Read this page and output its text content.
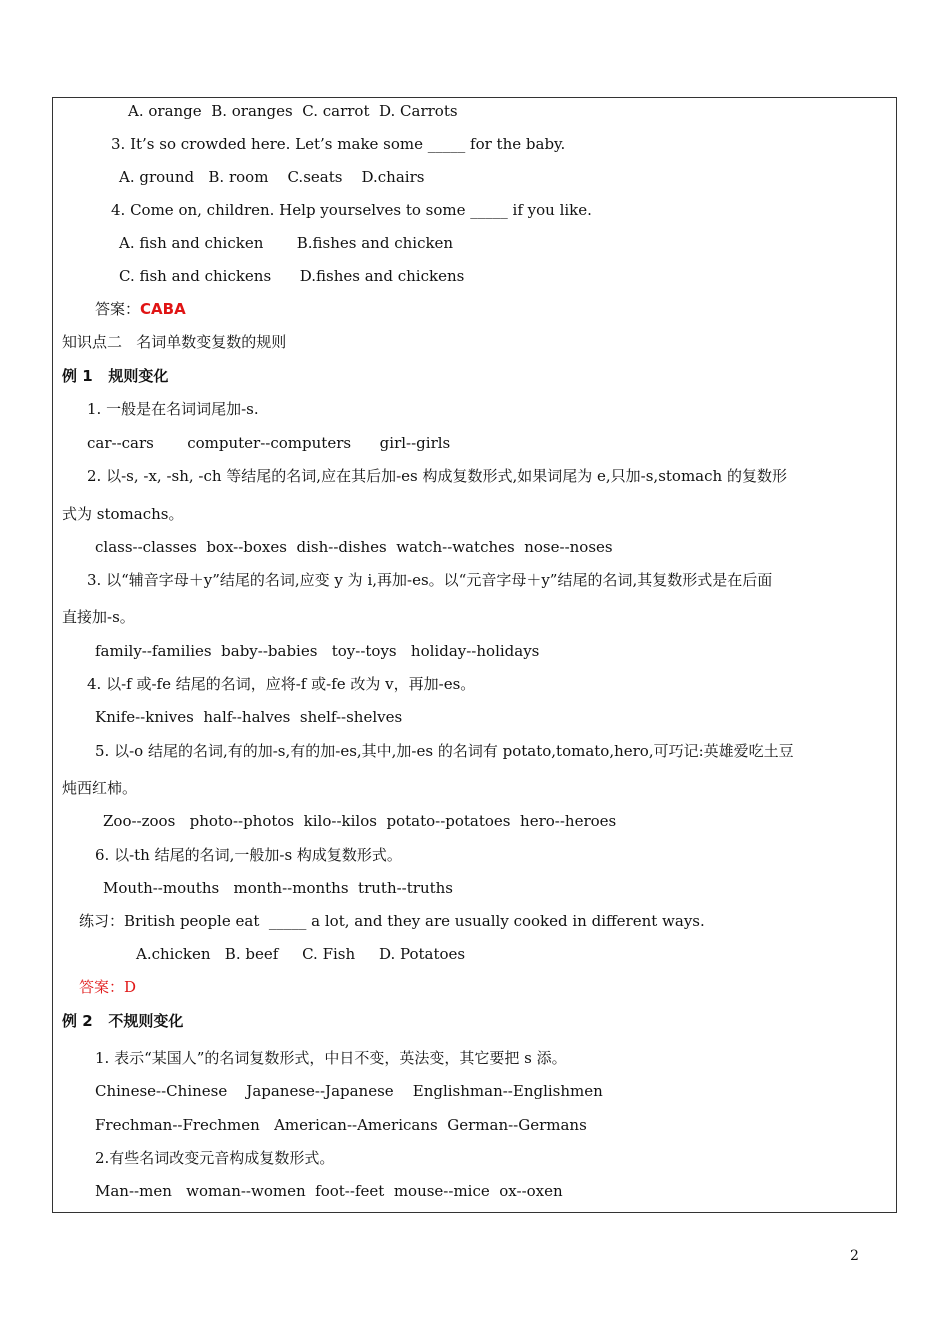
A. orange  B. oranges  C. carrot  D. Carrots
3. It’s so crowded here. Let’s make some _____ for the baby.
A. ground   B. room    C.seats    D.chairs
4. Come on, children. Help yourselves to some _____ if you like.
A. fish and chicken       B.fishes and chicken
C. fish and chickens      D.fishes and chickens
答案：CABA
知识点二   名词单数变复数的规则
例 1   规则变化
1. 一般是在名词词尾加-s.
car--cars       computer--computers      girl--girls
2. 以-s, -x, -sh, -ch 等结尾的名词,应在其后加-es 构成复数形式,如果词尾为 e,只加-s,stomach 的复数形
式为 stomachs。
class--classes  box--boxes  dish--dishes  watch--watches  nose--noses
3. 以“辅音字母＋y”结尾的名词,应变 y 为 i,再加-es。以“元音字母＋y”结尾的名词,其复数形式是在后面
直接加-s。
family--families  baby--babies   toy--toys   holiday--holidays
4. 以-f 或-fe 结尾的名词，应将-f 或-fe 改为 v，再加-es。
Knife--knives  half--halves  shelf--shelves
5. 以-o 结尾的名词,有的加-s,有的加-es,其中,加-es 的名词有 potato,tomato,hero,可巧记:英雄爱吃土豆
炖西红柿。
Zoo--zoos   photo--photos  kilo--kilos  potato--potatoes  hero--heroes
6. 以-th 结尾的名词,一般加-s 构成复数形式。
Mouth--mouths   month--months  truth--truths
练习：British people eat  _____ a lot, and they are usually cooked in different ways.
A.chicken   B. beef     C. Fish     D. Potatoes
答案：D
例 2   不规则变化
1. 表示“某国人”的名词复数形式，中日不变，英法变，其它要把 s 添。
Chinese--Chinese    Japanese--Japanese    Englishman--Englishmen
Frechman--Frechmen   American--Americans  German--Germans
2.有些名词改变元音构成复数形式。
Man--men   woman--women  foot--feet  mouse--mice  ox--oxen
2
